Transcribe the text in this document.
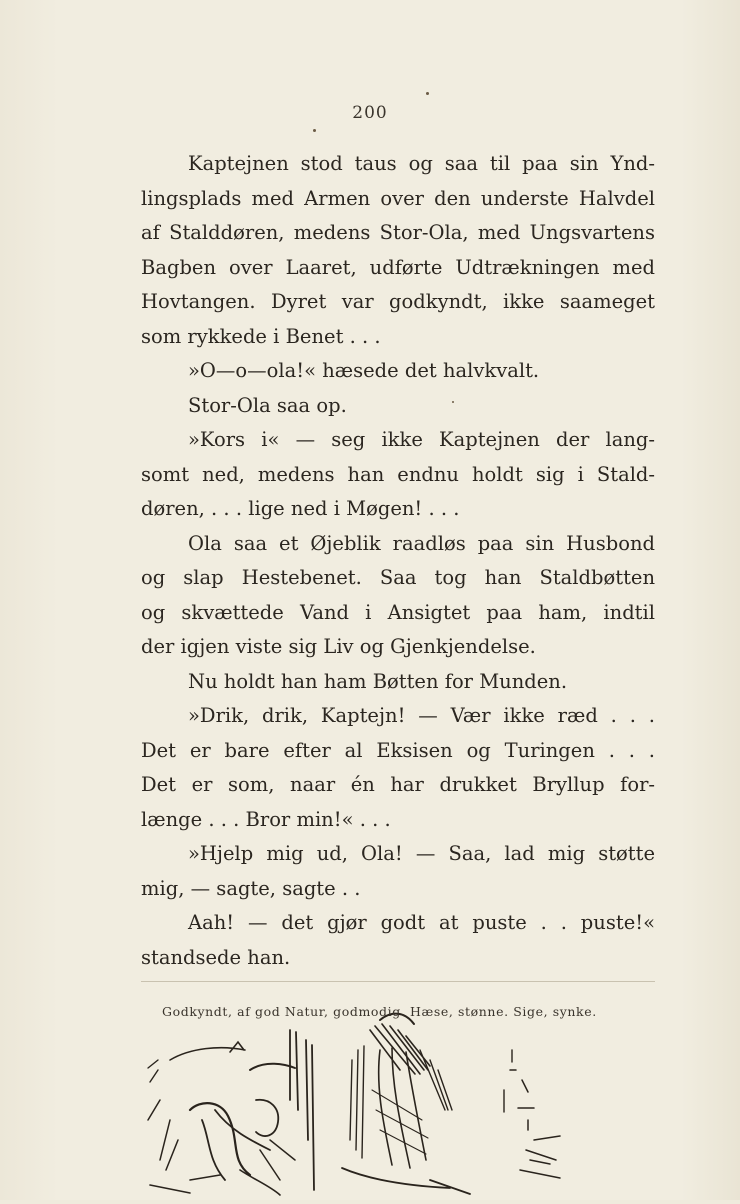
200

Kaptejnen stod taus og saa til paa sin Ynd-
lingsplads med Armen over den underste Halvdel
af Stalddøren, medens Stor-Ola, med Ungsvartens
Bagben over Laaret, udførte Udtrækningen med
Hovtangen. Dyret var godkyndt, ikke saameget
som rykkede i Benet . . .

»O—o—ola!« hæsede det halvkvalt.

Stor-Ola saa op.

»Kors i« — seg ikke Kaptejnen der lang-
somt ned, medens han endnu holdt sig i Stald-
døren, . . . lige ned i Møgen! . . .

Ola saa et Øjeblik raadløs paa sin Husbond
og slap Hestebenet. Saa tog han Staldbøtten
og skvættede Vand i Ansigtet paa ham, indtil
der igjen viste sig Liv og Gjenkjendelse.

Nu holdt han ham Bøtten for Munden.

»Drik, drik, Kaptejn! — Vær ikke ræd . . .
Det er bare efter al Eksisen og Turingen . . .
Det er som, naar én har drukket Bryllup for-
længe . . . Bror min!« . . .

»Hjelp mig ud, Ola! — Saa, lad mig støtte
mig, — sagte, sagte . .

Aah! — det gjør godt at puste . . puste!«
standsede han.

Godkyndt, af god Natur, godmodig. Hæse, stønne. Sige, synke.
